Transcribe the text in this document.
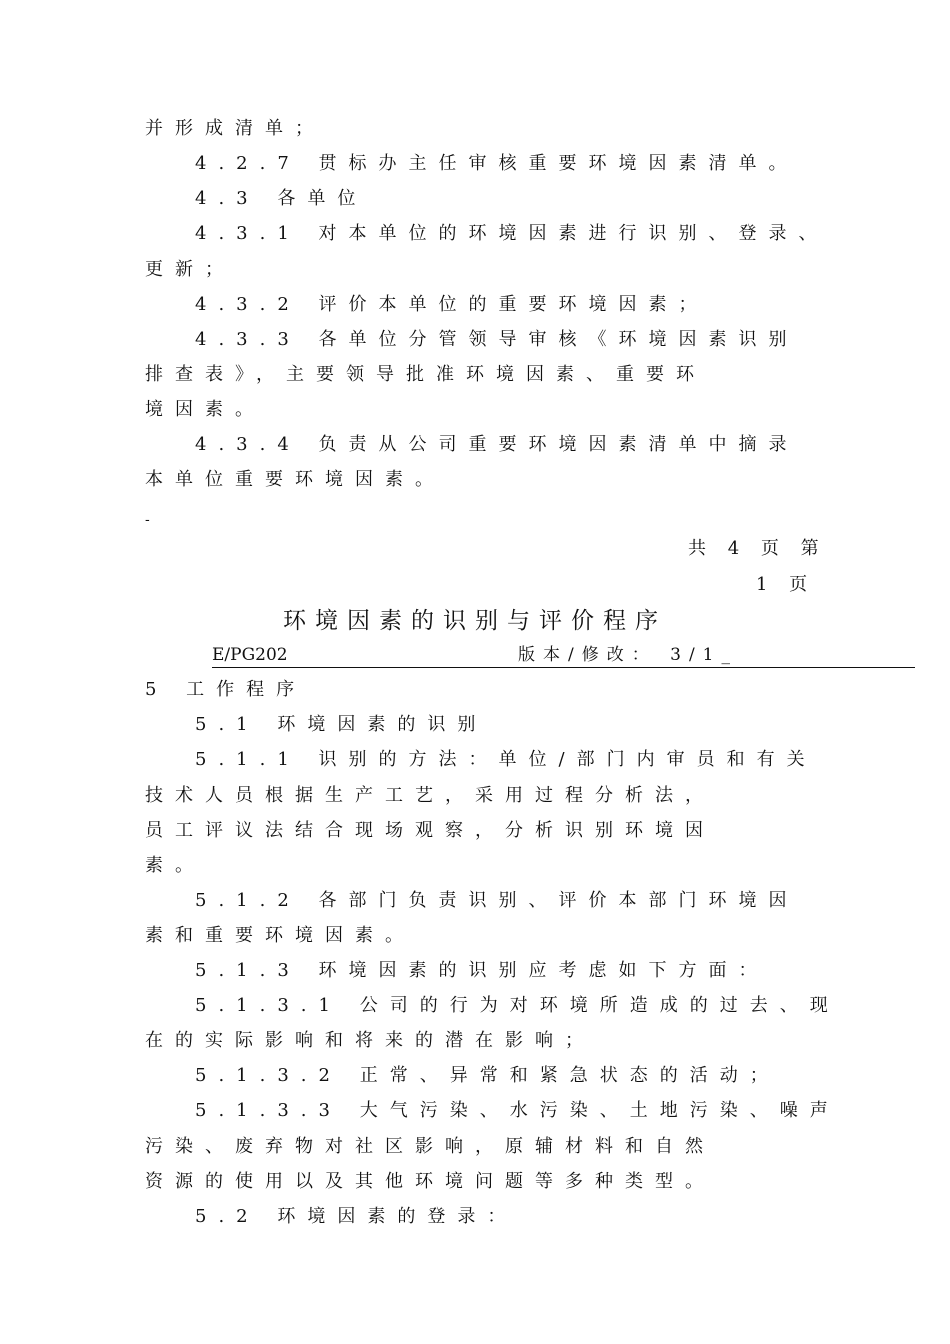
并形成清单；
4.2.7 贯标办主任审核重要环境因素清单。
4.3 各单位
4.3.1 对本单位的环境因素进行识别、登录、
更新；
4.3.2 评价本单位的重要环境因素；
4.3.3 各单位分管领导审核《环境因素识别
排查表》，主要领导批准环境因素、重要环
境因素。
4.3.4 负责从公司重要环境因素清单中摘录
本单位重要环境因素。
-
共 4 页 第
1 页
环境因素的识别与评价程序
E/PG202	版本/修改： 3/1_
5 工作程序
5.1 环境因素的识别
5.1.1 识别的方法：单位/部门内审员和有关
技术人员根据生产工艺，采用过程分析法，
员工评议法结合现场观察，分析识别环境因
素。
5.1.2 各部门负责识别、评价本部门环境因
素和重要环境因素。
5.1.3 环境因素的识别应考虑如下方面：
5.1.3.1 公司的行为对环境所造成的过去、现
在的实际影响和将来的潜在影响；
5.1.3.2 正常、异常和紧急状态的活动；
5.1.3.3 大气污染、水污染、土地污染、噪声
污染、废弃物对社区影响，原辅材料和自然
资源的使用以及其他环境问题等多种类型。
5.2 环境因素的登录：
